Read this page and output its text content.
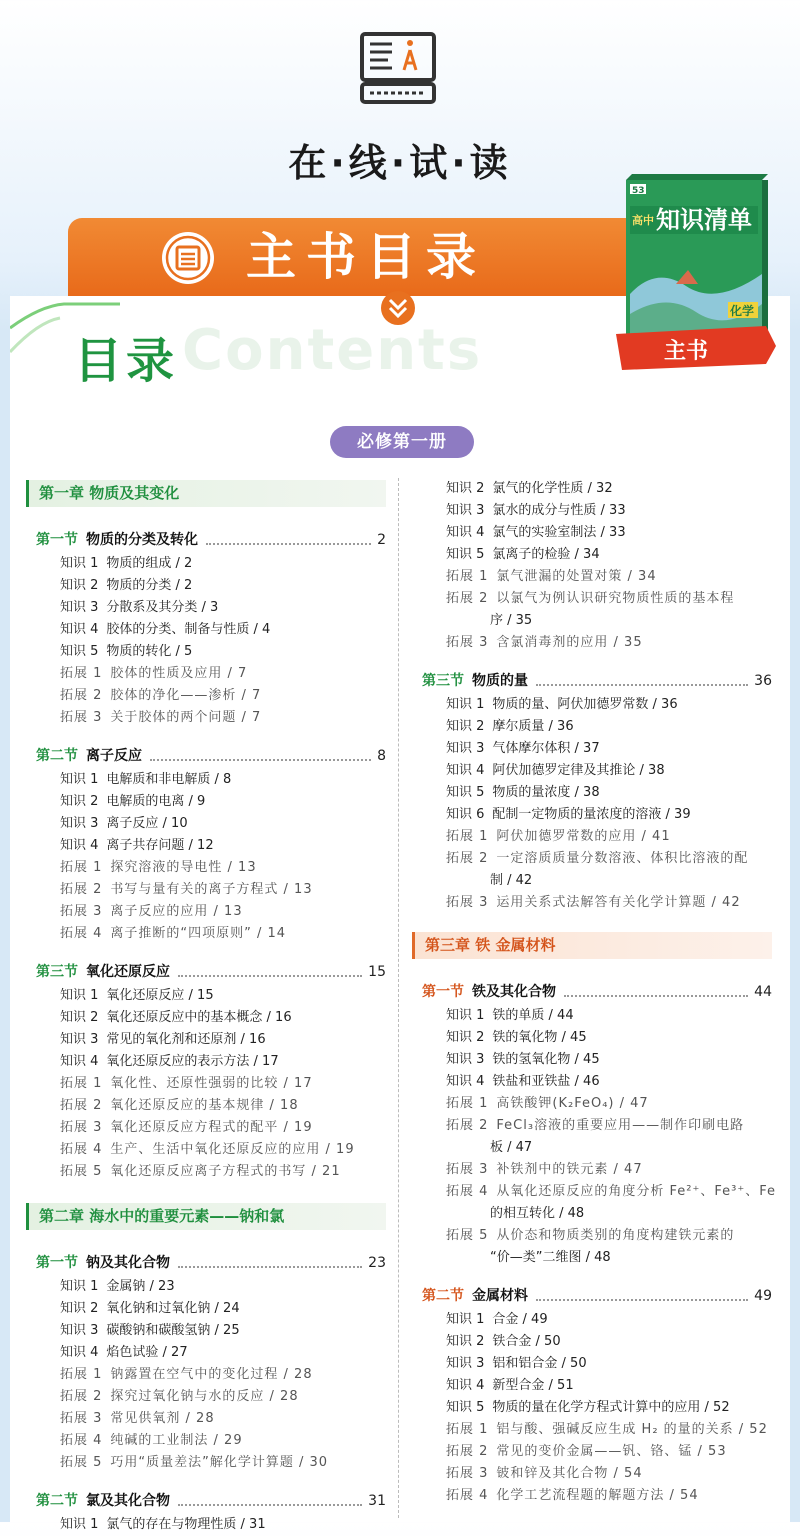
在·线·试·读
主书目录
Contents
目录
53
高中 知识清单
化学
主书
必修第一册
第一章 物质及其变化
第一节 物质的分类及转化	2
知识 1 物质的组成 / 2
知识 2 物质的分类 / 2
知识 3 分散系及其分类 / 3
知识 4 胶体的分类、制备与性质 / 4
知识 5 物质的转化 / 5
拓展 1 胶体的性质及应用 / 7
拓展 2 胶体的净化——渗析 / 7
拓展 3 关于胶体的两个问题 / 7
第二节 离子反应	8
知识 1 电解质和非电解质 / 8
知识 2 电解质的电离 / 9
知识 3 离子反应 / 10
知识 4 离子共存问题 / 12
拓展 1 探究溶液的导电性 / 13
拓展 2 书写与量有关的离子方程式 / 13
拓展 3 离子反应的应用 / 13
拓展 4 离子推断的“四项原则” / 14
第三节 氧化还原反应	15
知识 1 氧化还原反应 / 15
知识 2 氧化还原反应中的基本概念 / 16
知识 3 常见的氧化剂和还原剂 / 16
知识 4 氧化还原反应的表示方法 / 17
拓展 1 氧化性、还原性强弱的比较 / 17
拓展 2 氧化还原反应的基本规律 / 18
拓展 3 氧化还原反应方程式的配平 / 19
拓展 4 生产、生活中氧化还原反应的应用 / 19
拓展 5 氧化还原反应离子方程式的书写 / 21
第二章 海水中的重要元素——钠和氯
第一节 钠及其化合物	23
知识 1 金属钠 / 23
知识 2 氧化钠和过氧化钠 / 24
知识 3 碳酸钠和碳酸氢钠 / 25
知识 4 焰色试验 / 27
拓展 1 钠露置在空气中的变化过程 / 28
拓展 2 探究过氧化钠与水的反应 / 28
拓展 3 常见供氧剂 / 28
拓展 4 纯碱的工业制法 / 29
拓展 5 巧用“质量差法”解化学计算题 / 30
第二节 氯及其化合物	31
知识 1 氯气的存在与物理性质 / 31
知识 2 氯气的化学性质 / 32
知识 3 氯水的成分与性质 / 33
知识 4 氯气的实验室制法 / 33
知识 5 氯离子的检验 / 34
拓展 1 氯气泄漏的处置对策 / 34
拓展 2 以氯气为例认识研究物质性质的基本程
序 / 35
拓展 3 含氯消毒剂的应用 / 35
第三节 物质的量	36
知识 1 物质的量、阿伏加德罗常数 / 36
知识 2 摩尔质量 / 36
知识 3 气体摩尔体积 / 37
知识 4 阿伏加德罗定律及其推论 / 38
知识 5 物质的量浓度 / 38
知识 6 配制一定物质的量浓度的溶液 / 39
拓展 1 阿伏加德罗常数的应用 / 41
拓展 2 一定溶质质量分数溶液、体积比溶液的配
制 / 42
拓展 3 运用关系式法解答有关化学计算题 / 42
第三章 铁 金属材料
第一节 铁及其化合物	44
知识 1 铁的单质 / 44
知识 2 铁的氧化物 / 45
知识 3 铁的氢氧化物 / 45
知识 4 铁盐和亚铁盐 / 46
拓展 1 高铁酸钾(K₂FeO₄) / 47
拓展 2 FeCl₃溶液的重要应用——制作印刷电路
板 / 47
拓展 3 补铁剂中的铁元素 / 47
拓展 4 从氧化还原反应的角度分析 Fe²⁺、Fe³⁺、Fe
的相互转化 / 48
拓展 5 从价态和物质类别的角度构建铁元素的
“价—类”二维图 / 48
第二节 金属材料	49
知识 1 合金 / 49
知识 2 铁合金 / 50
知识 3 铝和铝合金 / 50
知识 4 新型合金 / 51
知识 5 物质的量在化学方程式计算中的应用 / 52
拓展 1 铝与酸、强碱反应生成 H₂ 的量的关系 / 52
拓展 2 常见的变价金属——钒、铬、锰 / 53
拓展 3 铍和锌及其化合物 / 54
拓展 4 化学工艺流程题的解题方法 / 54
